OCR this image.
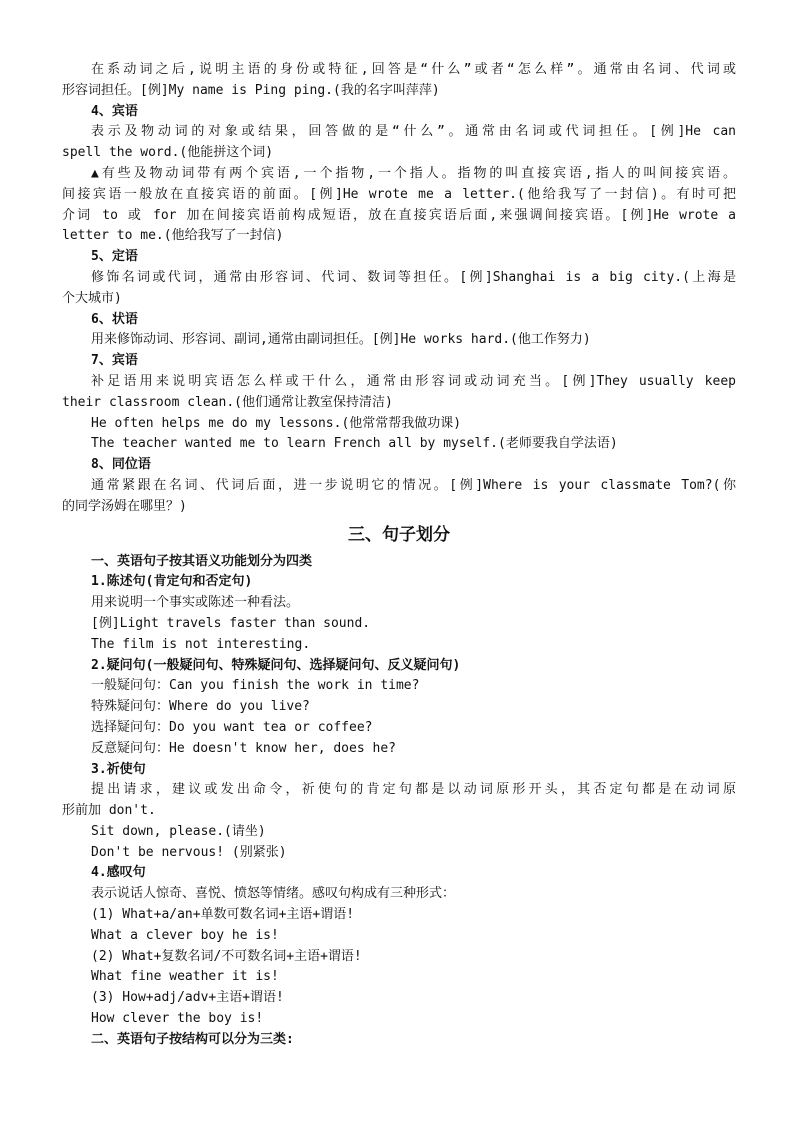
在系动词之后,说明主语的身份或特征,回答是“什么”或者“怎么样”。通常由名词、代词或
形容词担任。[例]My name is Ping ping.(我的名字叫萍萍)
4、宾语
表示及物动词的对象或结果，回答做的是“什么”。通常由名词或代词担任。[例]He can
spell the word.(他能拼这个词)
▲有些及物动词带有两个宾语,一个指物,一个指人。指物的叫直接宾语,指人的叫间接宾语。
间接宾语一般放在直接宾语的前面。[例]He wrote me a letter.(他给我写了一封信)。有时可把
介词 to 或 for 加在间接宾语前构成短语，放在直接宾语后面,来强调间接宾语。[例]He wrote a
letter to me.(他给我写了一封信)
5、定语
修饰名词或代词，通常由形容词、代词、数词等担任。[例]Shanghai is a big city.(上海是
个大城市)
6、状语
用来修饰动词、形容词、副词,通常由副词担任。[例]He works hard.(他工作努力)
7、宾语
补足语用来说明宾语怎么样或干什么，通常由形容词或动词充当。[例]They usually keep
their classroom clean.(他们通常让教室保持清洁)
He often helps me do my lessons.(他常常帮我做功课)
The teacher wanted me to learn French all by myself.(老师要我自学法语)
8、同位语
通常紧跟在名词、代词后面，进一步说明它的情况。[例]Where is your classmate Tom?(你
的同学汤姆在哪里？)
三、句子划分
一、英语句子按其语义功能划分为四类
1.陈述句(肯定句和否定句)
用来说明一个事实或陈述一种看法。
[例]Light travels faster than sound.
The film is not interesting.
2.疑问句(一般疑问句、特殊疑问句、选择疑问句、反义疑问句)
一般疑问句：Can you finish the work in time?
特殊疑问句：Where do you live?
选择疑问句：Do you want tea or coffee?
反意疑问句：He doesn't know her, does he?
3.祈使句
提出请求，建议或发出命令，祈使句的肯定句都是以动词原形开头，其否定句都是在动词原
形前加 don't.
Sit down, please.(请坐)
Don't be nervous! (别紧张)
4.感叹句
表示说话人惊奇、喜悦、愤怒等情绪。感叹句构成有三种形式：
(1) What+a/an+单数可数名词+主语+谓语!
What a clever boy he is!
(2) What+复数名词/不可数名词+主语+谓语!
What fine weather it is!
(3) How+adj/adv+主语+谓语!
How clever the boy is!
二、英语句子按结构可以分为三类:
